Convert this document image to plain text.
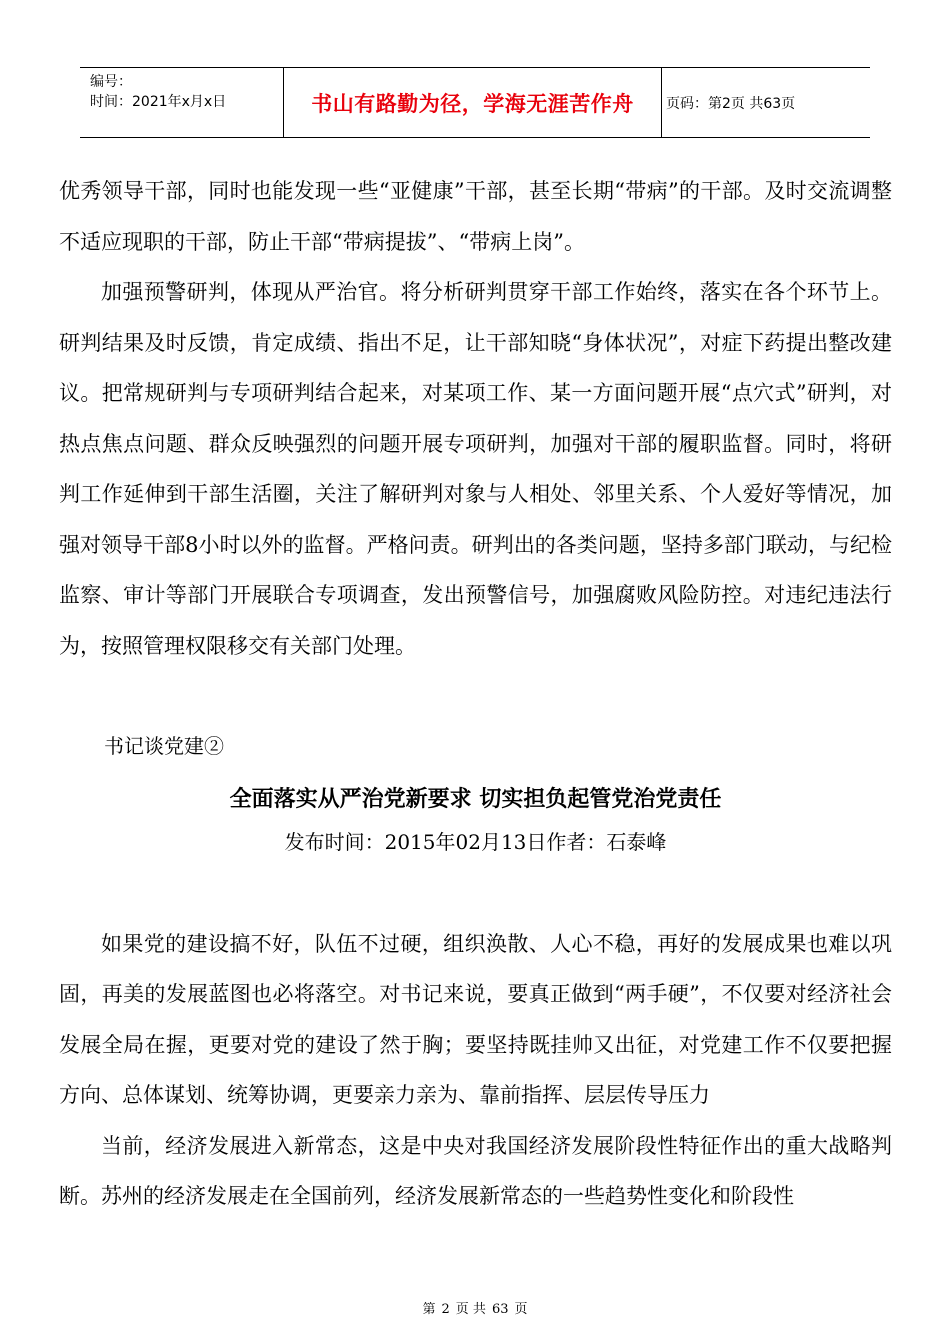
编号：
时间：2021年x月x日	书山有路勤为径，学海无涯苦作舟	页码：第2页 共63页

优秀领导干部，同时也能发现一些“亚健康”干部，甚至长期“带病”的干部。及时交流调整不适应现职的干部，防止干部“带病提拔”、“带病上岗”。

加强预警研判，体现从严治官。将分析研判贯穿干部工作始终，落实在各个环节上。研判结果及时反馈，肯定成绩、指出不足，让干部知晓“身体状况”，对症下药提出整改建议。把常规研判与专项研判结合起来，对某项工作、某一方面问题开展“点穴式”研判，对热点焦点问题、群众反映强烈的问题开展专项研判，加强对干部的履职监督。同时，将研判工作延伸到干部生活圈，关注了解研判对象与人相处、邻里关系、个人爱好等情况，加强对领导干部8小时以外的监督。严格问责。研判出的各类问题，坚持多部门联动，与纪检监察、审计等部门开展联合专项调查，发出预警信号，加强腐败风险防控。对违纪违法行为，按照管理权限移交有关部门处理。

书记谈党建②

全面落实从严治党新要求 切实担负起管党治党责任

发布时间：2015年02月13日作者：石泰峰

如果党的建设搞不好，队伍不过硬，组织涣散、人心不稳，再好的发展成果也难以巩固，再美的发展蓝图也必将落空。对书记来说，要真正做到“两手硬”，不仅要对经济社会发展全局在握，更要对党的建设了然于胸；要坚持既挂帅又出征，对党建工作不仅要把握方向、总体谋划、统筹协调，更要亲力亲为、靠前指挥、层层传导压力

当前，经济发展进入新常态，这是中央对我国经济发展阶段性特征作出的重大战略判断。苏州的经济发展走在全国前列，经济发展新常态的一些趋势性变化和阶段性

第 2 页 共 63 页
